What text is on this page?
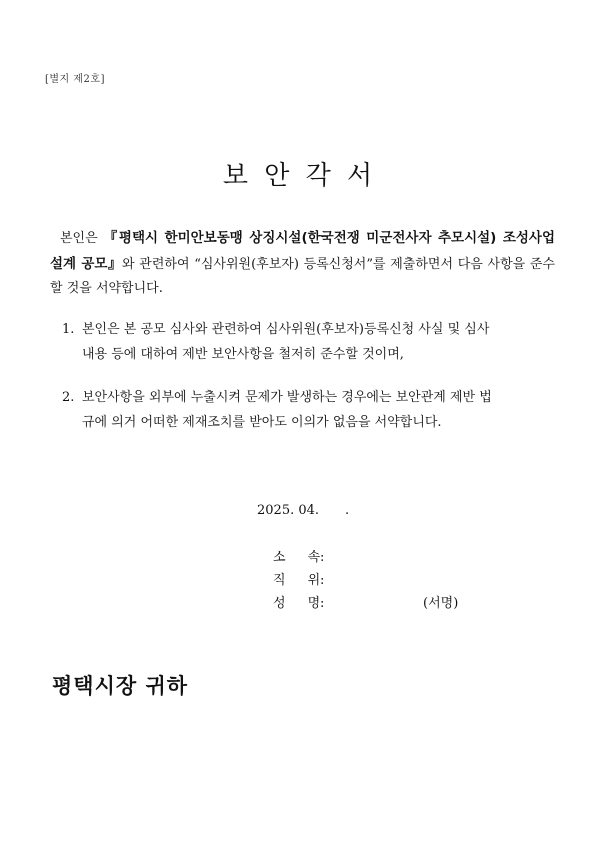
[별지 제2호]
보 안 각 서
본인은 『평택시 한미안보동맹 상징시설(한국전쟁 미군전사자 추모시설) 조성사업 설계 공모』와 관련하여 “심사위원(후보자) 등록신청서”를 제출하면서 다음 사항을 준수할 것을 서약합니다.
1. 본인은 본 공모 심사와 관련하여 심사위원(후보자)등록신청 사실 및 심사
내용 등에 대하여 제반 보안사항을 철저히 준수할 것이며,
2. 보안사항을 외부에 누출시켜 문제가 발생하는 경우에는 보안관계 제반 법
규에 의거 어떠한 제재조치를 받아도 이의가 없음을 서약합니다.
2025. 04. .
소 속:
직 위:
성 명:	(서명)
평택시장 귀하
